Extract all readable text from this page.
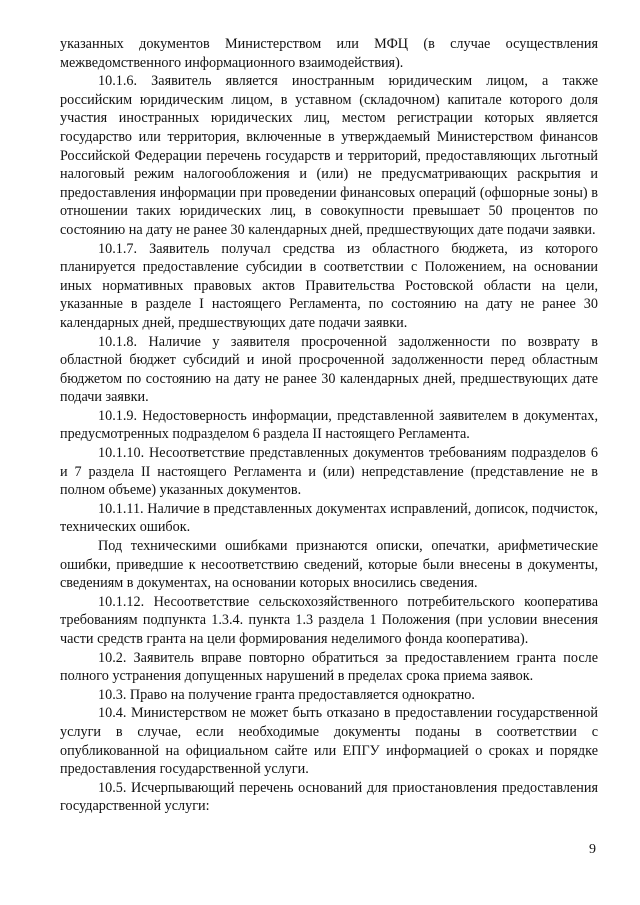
указанных документов Министерством или МФЦ (в случае осуществления межведомственного информационного взаимодействия).

10.1.6. Заявитель является иностранным юридическим лицом, а также российским юридическим лицом, в уставном (складочном) капитале которого доля участия иностранных юридических лиц, местом регистрации которых является государство или территория, включенные в утверждаемый Министерством финансов Российской Федерации перечень государств и территорий, предоставляющих льготный налоговый режим налогообложения и (или) не предусматривающих раскрытия и предоставления информации при проведении финансовых операций (офшорные зоны) в отношении таких юридических лиц, в совокупности превышает 50 процентов по состоянию на дату не ранее 30 календарных дней, предшествующих дате подачи заявки.

10.1.7. Заявитель получал средства из областного бюджета, из которого планируется предоставление субсидии в соответствии с Положением, на основании иных нормативных правовых актов Правительства Ростовской области на цели, указанные в разделе I настоящего Регламента, по состоянию на дату не ранее 30 календарных дней, предшествующих дате подачи заявки.

10.1.8. Наличие у заявителя просроченной задолженности по возврату в областной бюджет субсидий и иной просроченной задолженности перед областным бюджетом по состоянию на дату не ранее 30 календарных дней, предшествующих дате подачи заявки.

10.1.9. Недостоверность информации, представленной заявителем в документах, предусмотренных подразделом 6 раздела II настоящего Регламента.

10.1.10. Несоответствие представленных документов требованиям подразделов 6 и 7 раздела II настоящего Регламента и (или) непредставление (представление не в полном объеме) указанных документов.

10.1.11. Наличие в представленных документах исправлений, дописок, подчисток, технических ошибок.

Под техническими ошибками признаются описки, опечатки, арифметические ошибки, приведшие к несоответствию сведений, которые были внесены в документы, сведениям в документах, на основании которых вносились сведения.

10.1.12. Несоответствие сельскохозяйственного потребительского кооператива требованиям подпункта 1.3.4. пункта 1.3 раздела 1 Положения (при условии внесения части средств гранта на цели формирования неделимого фонда кооператива).

10.2. Заявитель вправе повторно обратиться за предоставлением гранта после полного устранения допущенных нарушений в пределах срока приема заявок.

10.3. Право на получение гранта предоставляется однократно.

10.4. Министерством не может быть отказано в предоставлении государственной услуги в случае, если необходимые документы поданы в соответствии с опубликованной на официальном сайте или ЕПГУ информацией о сроках и порядке предоставления государственной услуги.

10.5. Исчерпывающий перечень оснований для приостановления предоставления государственной услуги:

9
